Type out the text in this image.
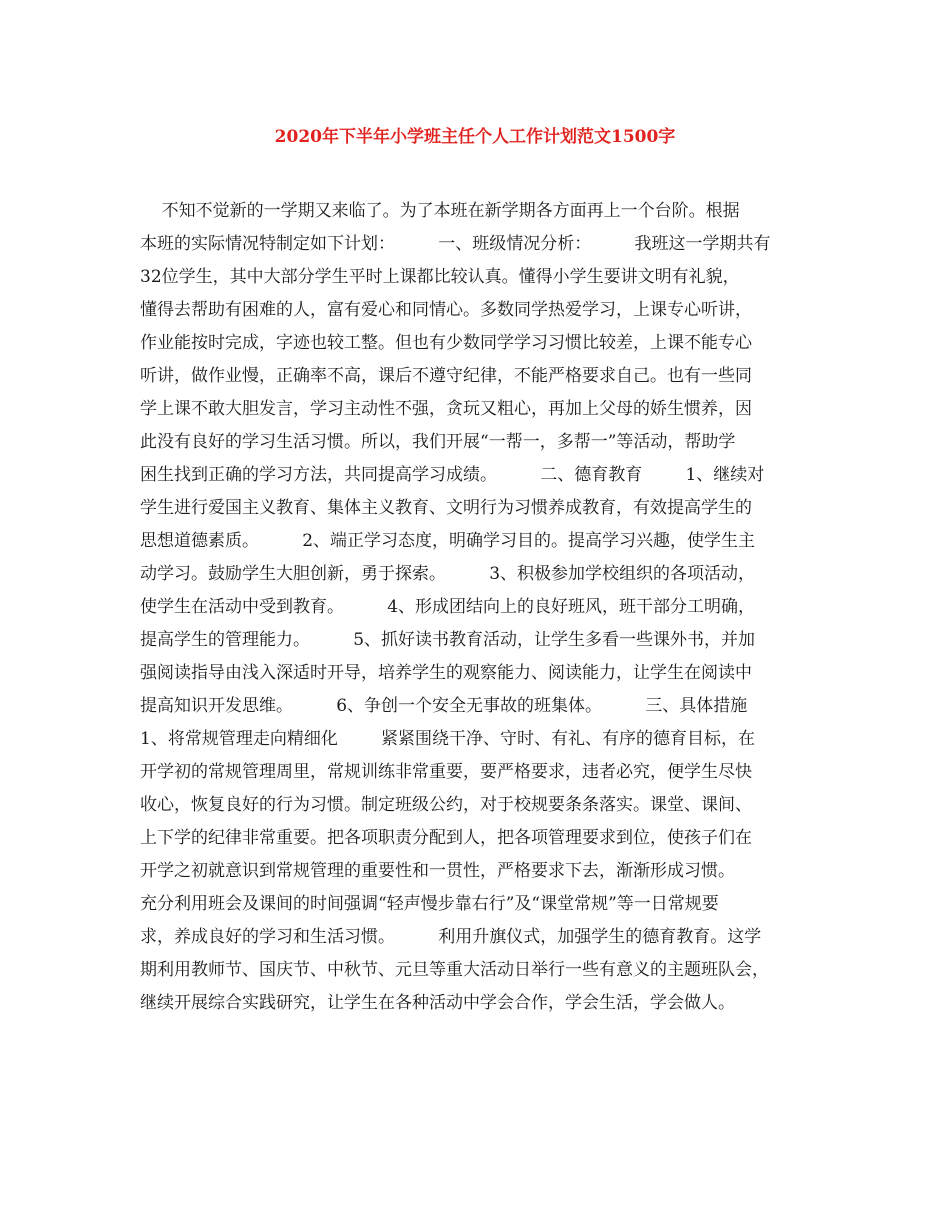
2020年下半年小学班主任个人工作计划范文1500字
不知不觉新的一学期又来临了。为了本班在新学期各方面再上一个台阶。根据
本班的实际情况特制定如下计划：        一、班级情况分析：        我班这一学期共有
32位学生，其中大部分学生平时上课都比较认真。懂得小学生要讲文明有礼貌，
懂得去帮助有困难的人，富有爱心和同情心。多数同学热爱学习，上课专心听讲，
作业能按时完成，字迹也较工整。但也有少数同学学习习惯比较差，上课不能专心
听讲，做作业慢，正确率不高，课后不遵守纪律，不能严格要求自己。也有一些同
学上课不敢大胆发言，学习主动性不强，贪玩又粗心，再加上父母的娇生惯养，因
此没有良好的学习生活习惯。所以，我们开展“一帮一，多帮一”等活动，帮助学
困生找到正确的学习方法，共同提高学习成绩。        二、德育教育        1、继续对
学生进行爱国主义教育、集体主义教育、文明行为习惯养成教育，有效提高学生的
思想道德素质。        2、端正学习态度，明确学习目的。提高学习兴趣，使学生主
动学习。鼓励学生大胆创新，勇于探索。        3、积极参加学校组织的各项活动，
使学生在活动中受到教育。        4、形成团结向上的良好班风，班干部分工明确，
提高学生的管理能力。        5、抓好读书教育活动，让学生多看一些课外书，并加
强阅读指导由浅入深适时开导，培养学生的观察能力、阅读能力，让学生在阅读中
提高知识开发思维。        6、争创一个安全无事故的班集体。        三、具体措施
1、将常规管理走向精细化        紧紧围绕干净、守时、有礼、有序的德育目标，在
开学初的常规管理周里，常规训练非常重要，要严格要求，违者必究，便学生尽快
收心，恢复良好的行为习惯。制定班级公约，对于校规要条条落实。课堂、课间、
上下学的纪律非常重要。把各项职责分配到人，把各项管理要求到位，使孩子们在
开学之初就意识到常规管理的重要性和一贯性，严格要求下去，渐渐形成习惯。
充分利用班会及课间的时间强调“轻声慢步靠右行”及“课堂常规”等一日常规要
求，养成良好的学习和生活习惯。        利用升旗仪式，加强学生的德育教育。这学
期利用教师节、国庆节、中秋节、元旦等重大活动日举行一些有意义的主题班队会，
继续开展综合实践研究，让学生在各种活动中学会合作，学会生活，学会做人。
